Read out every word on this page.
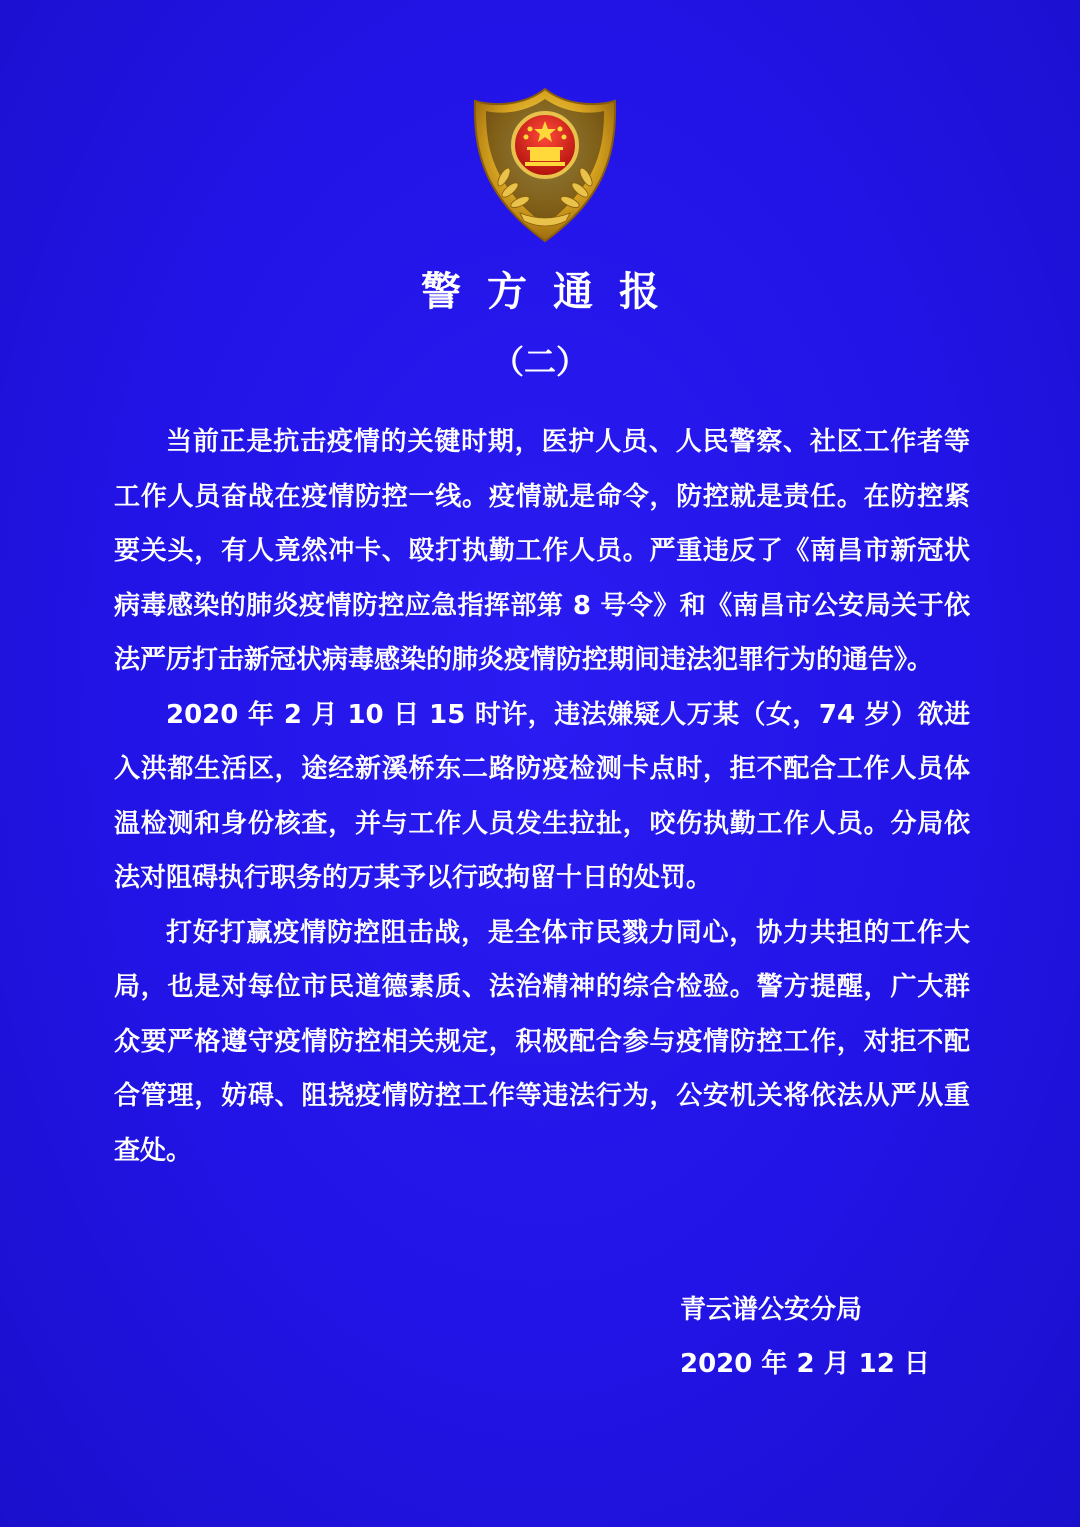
警方通报
（二）

当前正是抗击疫情的关键时期，医护人员、人民警察、社区工作者等工作人员奋战在疫情防控一线。疫情就是命令，防控就是责任。在防控紧要关头，有人竟然冲卡、殴打执勤工作人员。严重违反了《南昌市新冠状病毒感染的肺炎疫情防控应急指挥部第 8 号令》和《南昌市公安局关于依法严厉打击新冠状病毒感染的肺炎疫情防控期间违法犯罪行为的通告》。

2020 年 2 月 10 日 15 时许，违法嫌疑人万某（女，74 岁）欲进入洪都生活区，途经新溪桥东二路防疫检测卡点时，拒不配合工作人员体温检测和身份核查，并与工作人员发生拉扯，咬伤执勤工作人员。分局依法对阻碍执行职务的万某予以行政拘留十日的处罚。

打好打赢疫情防控阻击战，是全体市民戮力同心，协力共担的工作大局，也是对每位市民道德素质、法治精神的综合检验。警方提醒，广大群众要严格遵守疫情防控相关规定，积极配合参与疫情防控工作，对拒不配合管理，妨碍、阻挠疫情防控工作等违法行为，公安机关将依法从严从重查处。

青云谱公安分局
2020 年 2 月 12 日
